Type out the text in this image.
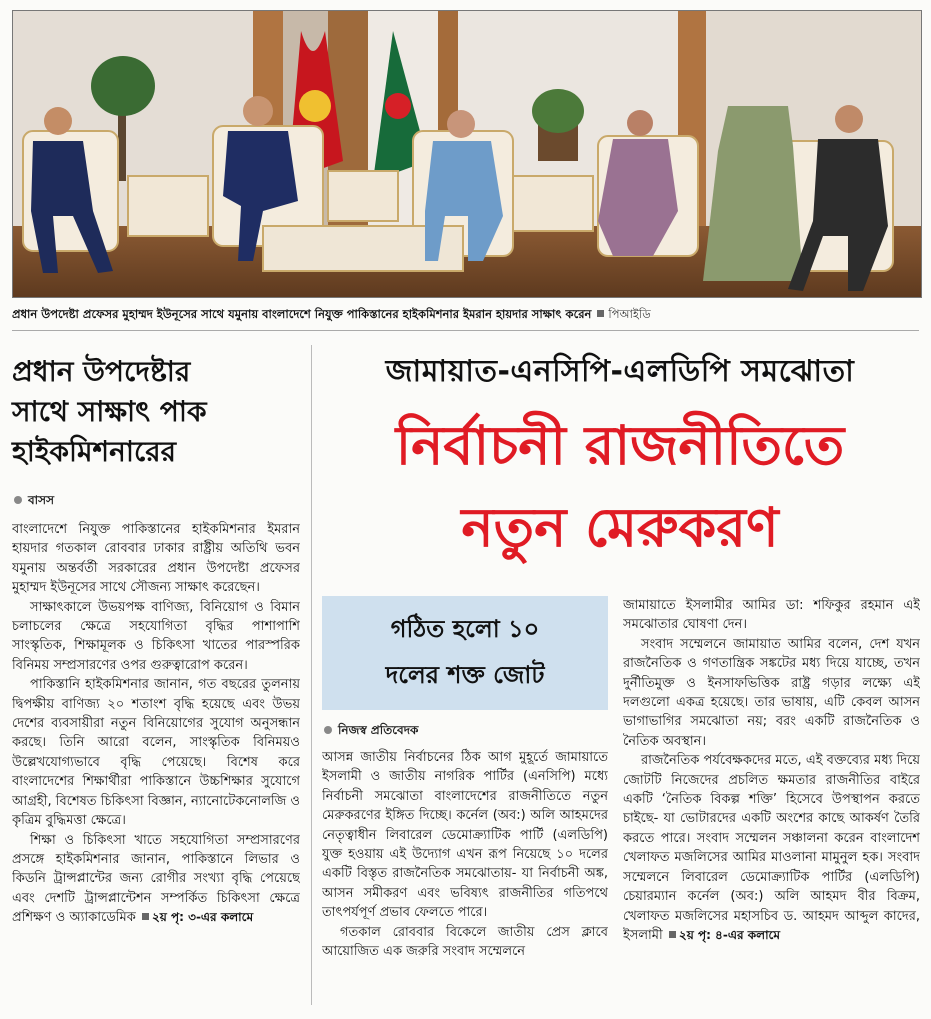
প্রধান উপদেষ্টা প্রফেসর মুহাম্মদ ইউনূসের সাথে যমুনায় বাংলাদেশে নিযুক্ত পাকিস্তানের হাইকমিশনার ইমরান হায়দার সাক্ষাৎ করেন পিআইডি
প্রধান উপদেষ্টার
সাথে সাক্ষাৎ পাক
হাইকমিশনারের
বাসস

বাংলাদেশে নিযুক্ত পাকিস্তানের হাইকমিশনার ইমরান হায়দার গতকাল রোববার ঢাকার রাষ্ট্রীয় অতিথি ভবন যমুনায় অন্তর্বর্তী সরকারের প্রধান উপদেষ্টা প্রফেসর মুহাম্মদ ইউনূসের সাথে সৌজন্য সাক্ষাৎ করেছেন।

সাক্ষাৎকালে উভয়পক্ষ বাণিজ্য, বিনিয়োগ ও বিমান চলাচলের ক্ষেত্রে সহযোগিতা বৃদ্ধির পাশাপাশি সাংস্কৃতিক, শিক্ষামূলক ও চিকিৎসা খাতের পারস্পরিক বিনিময় সম্প্রসারণের ওপর গুরুত্বারোপ করেন।

পাকিস্তানি হাইকমিশনার জানান, গত বছরের তুলনায় দ্বিপক্ষীয় বাণিজ্য ২০ শতাংশ বৃদ্ধি হয়েছে এবং উভয় দেশের ব্যবসায়ীরা নতুন বিনিয়োগের সুযোগ অনুসন্ধান করছে। তিনি আরো বলেন, সাংস্কৃতিক বিনিময়ও উল্লেখযোগ্যভাবে বৃদ্ধি পেয়েছে। বিশেষ করে বাংলাদেশের শিক্ষার্থীরা পাকিস্তানে উচ্চশিক্ষার সুযোগে আগ্রহী, বিশেষত চিকিৎসা বিজ্ঞান, ন্যানোটেকনোলজি ও কৃত্রিম বুদ্ধিমত্তা ক্ষেত্রে।

শিক্ষা ও চিকিৎসা খাতে সহযোগিতা সম্প্রসারণের প্রসঙ্গে হাইকমিশনার জানান, পাকিস্তানে লিভার ও কিডনি ট্রান্সপ্লান্টের জন্য রোগীর সংখ্যা বৃদ্ধি পেয়েছে এবং দেশটি ট্রান্সপ্লান্টেশন সম্পর্কিত চিকিৎসা ক্ষেত্রে প্রশিক্ষণ ও অ্যাকাডেমিক ২য় পৃ: ৩-এর কলামে

জামায়াত-এনসিপি-এলডিপি সমঝোতা
নির্বাচনী রাজনীতিতে
নতুন মেরুকরণ
গঠিত হলো ১০
দলের শক্ত জোট
নিজস্ব প্রতিবেদক

আসন্ন জাতীয় নির্বাচনের ঠিক আগ মুহূর্তে জামায়াতে ইসলামী ও জাতীয় নাগরিক পার্টির (এনসিপি) মধ্যে নির্বাচনী সমঝোতা বাংলাদেশের রাজনীতিতে নতুন মেরুকরণের ইঙ্গিত দিচ্ছে। কর্নেল (অব:) অলি আহমদের নেতৃত্বাধীন লিবারেল ডেমোক্র্যাটিক পার্টি (এলডিপি) যুক্ত হওয়ায় এই উদ্যোগ এখন রূপ নিয়েছে ১০ দলের একটি বিস্তৃত রাজনৈতিক সমঝোতায়- যা নির্বাচনী অঙ্ক, আসন সমীকরণ এবং ভবিষ্যৎ রাজনীতির গতিপথে তাৎপর্যপূর্ণ প্রভাব ফেলতে পারে।

গতকাল রোববার বিকেলে জাতীয় প্রেস ক্লাবে আয়োজিত এক জরুরি সংবাদ সম্মেলনে

জামায়াতে ইসলামীর আমির ডা: শফিকুর রহমান এই সমঝোতার ঘোষণা দেন।

সংবাদ সম্মেলনে জামায়াত আমির বলেন, দেশ যখন রাজনৈতিক ও গণতান্ত্রিক সঙ্কটের মধ্য দিয়ে যাচ্ছে, তখন দুর্নীতিমুক্ত ও ইনসাফভিত্তিক রাষ্ট্র গড়ার লক্ষ্যে এই দলগুলো একত্র হয়েছে। তার ভাষায়, এটি কেবল আসন ভাগাভাগির সমঝোতা নয়; বরং একটি রাজনৈতিক ও নৈতিক অবস্থান।

রাজনৈতিক পর্যবেক্ষকদের মতে, এই বক্তব্যের মধ্য দিয়ে জোটটি নিজেদের প্রচলিত ক্ষমতার রাজনীতির বাইরে একটি ‘নৈতিক বিকল্প শক্তি’ হিসেবে উপস্থাপন করতে চাইছে- যা ভোটারদের একটি অংশের কাছে আকর্ষণ তৈরি করতে পারে। সংবাদ সম্মেলন সঞ্চালনা করেন বাংলাদেশ খেলাফত মজলিসের আমির মাওলানা মামুনুল হক। সংবাদ সম্মেলনে লিবারেল ডেমোক্র্যাটিক পার্টির (এলডিপি) চেয়ারম্যান কর্নেল (অব:) অলি আহমদ বীর বিক্রম, খেলাফত মজলিসের মহাসচিব ড. আহমদ আব্দুল কাদের, ইসলামী ২য় পৃ: ৪-এর কলামে
